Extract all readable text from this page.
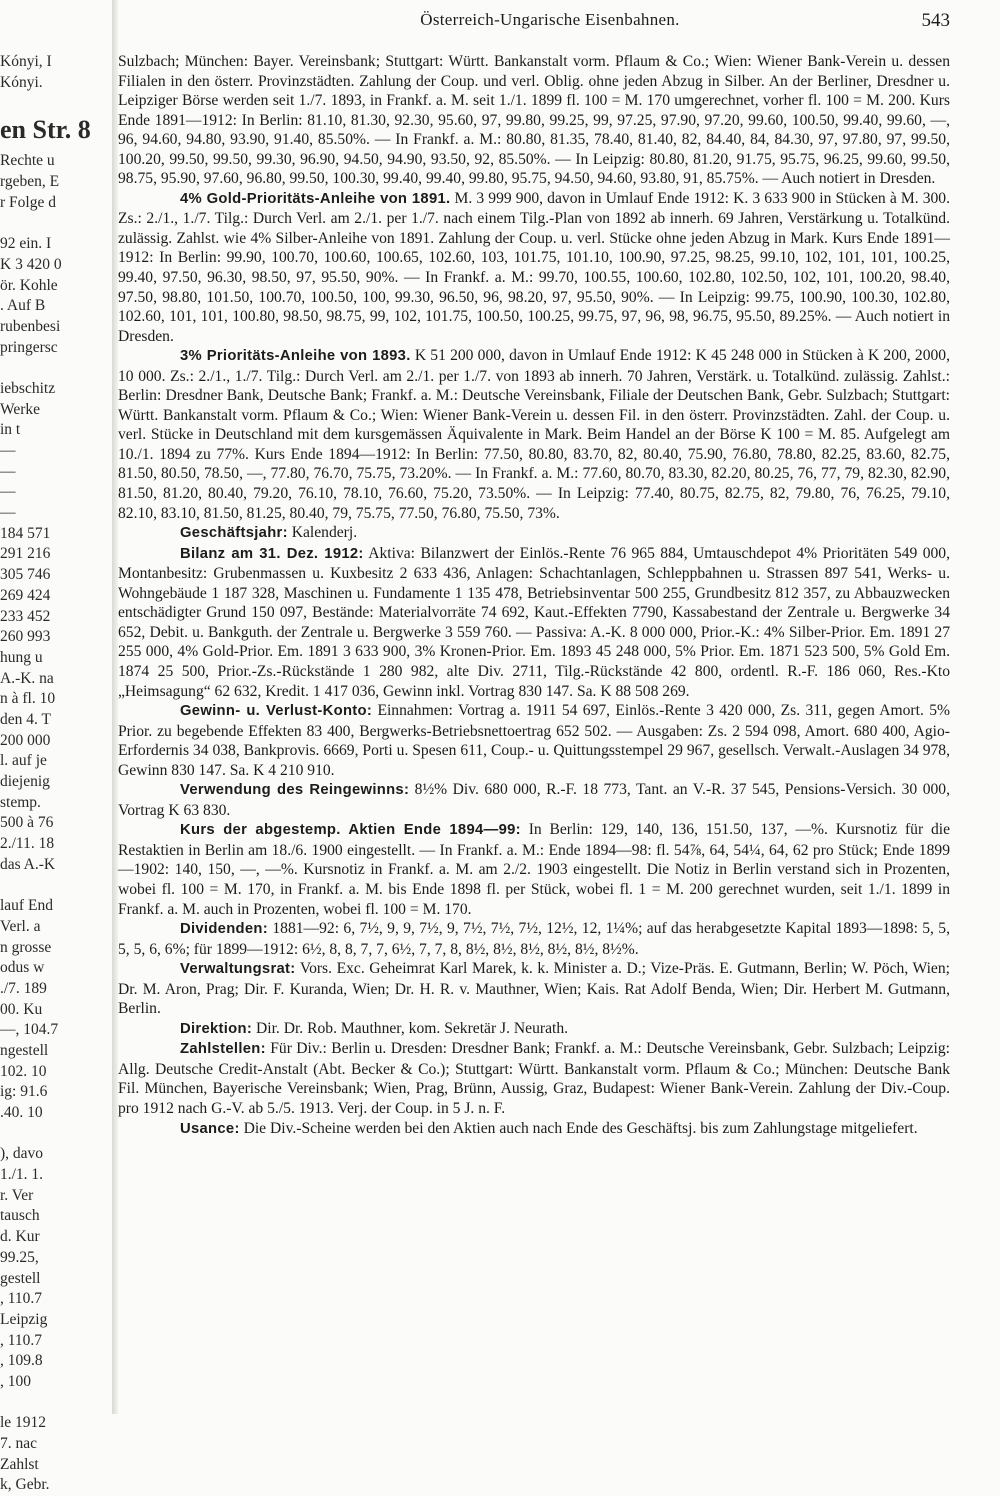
Kónyi, I
Kónyi.
en Str. 8
Rechte u
rgeben, E
r Folge d

92 ein. I
K 3 420 0
ör. Kohle
. Auf B
rubenbesi
pringersc

iebschitz
Werke
in t
—
—
—
—
184 571
291 216
305 746
269 424
233 452
260 993
hung u
A.-K. na
n à fl. 10
den 4. T
200 000
l. auf je
diejenig
stemp.
500 à 76
2./11. 18
das A.-K

lauf End
Verl. a
n grosse
odus w
./7. 189
00. Ku
—, 104.7
ngestell
102. 10
ig: 91.6
.40. 10

), davo
1./1. 1.
r. Ver
tausch
d. Kur
99.25,
gestell
, 110.7
Leipzig
, 110.7
, 109.8
, 100

le 1912
7. nac
Zahlst
k, Gebr.
Österreich-Ungarische Eisenbahnen.	543

Sulzbach; München: Bayer. Vereinsbank; Stuttgart: Württ. Bankanstalt vorm. Pflaum & Co.; Wien: Wiener Bank-Verein u. dessen Filialen in den österr. Provinzstädten. Zahlung der Coup. und verl. Oblig. ohne jeden Abzug in Silber. An der Berliner, Dresdner u. Leipziger Börse werden seit 1./7. 1893, in Frankf. a. M. seit 1./1. 1899 fl. 100 = M. 170 umgerechnet, vorher fl. 100 = M. 200. Kurs Ende 1891—1912: In Berlin: 81.10, 81.30, 92.30, 95.60, 97, 99.80, 99.25, 99, 97.25, 97.90, 97.20, 99.60, 100.50, 99.40, 99.60, —, 96, 94.60, 94.80, 93.90, 91.40, 85.50%. — In Frankf. a. M.: 80.80, 81.35, 78.40, 81.40, 82, 84.40, 84, 84.30, 97, 97.80, 97, 99.50, 100.20, 99.50, 99.50, 99.30, 96.90, 94.50, 94.90, 93.50, 92, 85.50%. — In Leipzig: 80.80, 81.20, 91.75, 95.75, 96.25, 99.60, 99.50, 98.75, 95.90, 97.60, 96.80, 99.50, 100.30, 99.40, 99.40, 99.80, 95.75, 94.50, 94.60, 93.80, 91, 85.75%. — Auch notiert in Dresden.

4% Gold-Prioritäts-Anleihe von 1891. M. 3 999 900, davon in Umlauf Ende 1912: K. 3 633 900 in Stücken à M. 300. Zs.: 2./1., 1./7. Tilg.: Durch Verl. am 2./1. per 1./7. nach einem Tilg.-Plan von 1892 ab innerh. 69 Jahren, Verstärkung u. Totalkünd. zulässig. Zahlst. wie 4% Silber-Anleihe von 1891. Zahlung der Coup. u. verl. Stücke ohne jeden Abzug in Mark. Kurs Ende 1891—1912: In Berlin: 99.90, 100.70, 100.60, 100.65, 102.60, 103, 101.75, 101.10, 100.90, 97.25, 98.25, 99.10, 102, 101, 101, 100.25, 99.40, 97.50, 96.30, 98.50, 97, 95.50, 90%. — In Frankf. a. M.: 99.70, 100.55, 100.60, 102.80, 102.50, 102, 101, 100.20, 98.40, 97.50, 98.80, 101.50, 100.70, 100.50, 100, 99.30, 96.50, 96, 98.20, 97, 95.50, 90%. — In Leipzig: 99.75, 100.90, 100.30, 102.80, 102.60, 101, 101, 100.80, 98.50, 98.75, 99, 102, 101.75, 100.50, 100.25, 99.75, 97, 96, 98, 96.75, 95.50, 89.25%. — Auch notiert in Dresden.

3% Prioritäts-Anleihe von 1893. K 51 200 000, davon in Umlauf Ende 1912: K 45 248 000 in Stücken à K 200, 2000, 10 000. Zs.: 2./1., 1./7. Tilg.: Durch Verl. am 2./1. per 1./7. von 1893 ab innerh. 70 Jahren, Verstärk. u. Totalkünd. zulässig. Zahlst.: Berlin: Dresdner Bank, Deutsche Bank; Frankf. a. M.: Deutsche Vereinsbank, Filiale der Deutschen Bank, Gebr. Sulzbach; Stuttgart: Württ. Bankanstalt vorm. Pflaum & Co.; Wien: Wiener Bank-Verein u. dessen Fil. in den österr. Provinzstädten. Zahl. der Coup. u. verl. Stücke in Deutschland mit dem kursgemässen Äquivalente in Mark. Beim Handel an der Börse K 100 = M. 85. Aufgelegt am 10./1. 1894 zu 77%. Kurs Ende 1894—1912: In Berlin: 77.50, 80.80, 83.70, 82, 80.40, 75.90, 76.80, 78.80, 82.25, 83.60, 82.75, 81.50, 80.50, 78.50, —, 77.80, 76.70, 75.75, 73.20%. — In Frankf. a. M.: 77.60, 80.70, 83.30, 82.20, 80.25, 76, 77, 79, 82.30, 82.90, 81.50, 81.20, 80.40, 79.20, 76.10, 78.10, 76.60, 75.20, 73.50%. — In Leipzig: 77.40, 80.75, 82.75, 82, 79.80, 76, 76.25, 79.10, 82.10, 83.10, 81.50, 81.25, 80.40, 79, 75.75, 77.50, 76.80, 75.50, 73%.

Geschäftsjahr: Kalenderj.

Bilanz am 31. Dez. 1912: Aktiva: Bilanzwert der Einlös.-Rente 76 965 884, Umtauschdepot 4% Prioritäten 549 000, Montanbesitz: Grubenmassen u. Kuxbesitz 2 633 436, Anlagen: Schachtanlagen, Schleppbahnen u. Strassen 897 541, Werks- u. Wohngebäude 1 187 328, Maschinen u. Fundamente 1 135 478, Betriebsinventar 500 255, Grundbesitz 812 357, zu Abbauzwecken entschädigter Grund 150 097, Bestände: Materialvorräte 74 692, Kaut.-Effekten 7790, Kassabestand der Zentrale u. Bergwerke 34 652, Debit. u. Bankguth. der Zentrale u. Bergwerke 3 559 760. — Passiva: A.-K. 8 000 000, Prior.-K.: 4% Silber-Prior. Em. 1891 27 255 000, 4% Gold-Prior. Em. 1891 3 633 900, 3% Kronen-Prior. Em. 1893 45 248 000, 5% Prior. Em. 1871 523 500, 5% Gold Em. 1874 25 500, Prior.-Zs.-Rückstände 1 280 982, alte Div. 2711, Tilg.-Rückstände 42 800, ordentl. R.-F. 186 060, Res.-Kto „Heimsagung“ 62 632, Kredit. 1 417 036, Gewinn inkl. Vortrag 830 147. Sa. K 88 508 269.

Gewinn- u. Verlust-Konto: Einnahmen: Vortrag a. 1911 54 697, Einlös.-Rente 3 420 000, Zs. 311, gegen Amort. 5% Prior. zu begebende Effekten 83 400, Bergwerks-Betriebsnettoertrag 652 502. — Ausgaben: Zs. 2 594 098, Amort. 680 400, Agio-Erfordernis 34 038, Bankprovis. 6669, Porti u. Spesen 611, Coup.- u. Quittungsstempel 29 967, gesellsch. Verwalt.-Auslagen 34 978, Gewinn 830 147. Sa. K 4 210 910.

Verwendung des Reingewinns: 8½% Div. 680 000, R.-F. 18 773, Tant. an V.-R. 37 545, Pensions-Versich. 30 000, Vortrag K 63 830.

Kurs der abgestemp. Aktien Ende 1894—99: In Berlin: 129, 140, 136, 151.50, 137, —%. Kursnotiz für die Restaktien in Berlin am 18./6. 1900 eingestellt. — In Frankf. a. M.: Ende 1894—98: fl. 54⅞, 64, 54¼, 64, 62 pro Stück; Ende 1899—1902: 140, 150, —, —%. Kursnotiz in Frankf. a. M. am 2./2. 1903 eingestellt. Die Notiz in Berlin verstand sich in Prozenten, wobei fl. 100 = M. 170, in Frankf. a. M. bis Ende 1898 fl. per Stück, wobei fl. 1 = M. 200 gerechnet wurden, seit 1./1. 1899 in Frankf. a. M. auch in Prozenten, wobei fl. 100 = M. 170.

Dividenden: 1881—92: 6, 7½, 9, 9, 7½, 9, 7½, 7½, 7½, 12½, 12, 1¼%; auf das herabgesetzte Kapital 1893—1898: 5, 5, 5, 5, 6, 6%; für 1899—1912: 6½, 8, 8, 7, 7, 6½, 7, 7, 8, 8½, 8½, 8½, 8½, 8½, 8½%.

Verwaltungsrat: Vors. Exc. Geheimrat Karl Marek, k. k. Minister a. D.; Vize-Präs. E. Gutmann, Berlin; W. Pöch, Wien; Dr. M. Aron, Prag; Dir. F. Kuranda, Wien; Dr. H. R. v. Mauthner, Wien; Kais. Rat Adolf Benda, Wien; Dir. Herbert M. Gutmann, Berlin.

Direktion: Dir. Dr. Rob. Mauthner, kom. Sekretär J. Neurath.

Zahlstellen: Für Div.: Berlin u. Dresden: Dresdner Bank; Frankf. a. M.: Deutsche Vereinsbank, Gebr. Sulzbach; Leipzig: Allg. Deutsche Credit-Anstalt (Abt. Becker & Co.); Stuttgart: Württ. Bankanstalt vorm. Pflaum & Co.; München: Deutsche Bank Fil. München, Bayerische Vereinsbank; Wien, Prag, Brünn, Aussig, Graz, Budapest: Wiener Bank-Verein. Zahlung der Div.-Coup. pro 1912 nach G.-V. ab 5./5. 1913. Verj. der Coup. in 5 J. n. F.

Usance: Die Div.-Scheine werden bei den Aktien auch nach Ende des Geschäftsj. bis zum Zahlungstage mitgeliefert.
